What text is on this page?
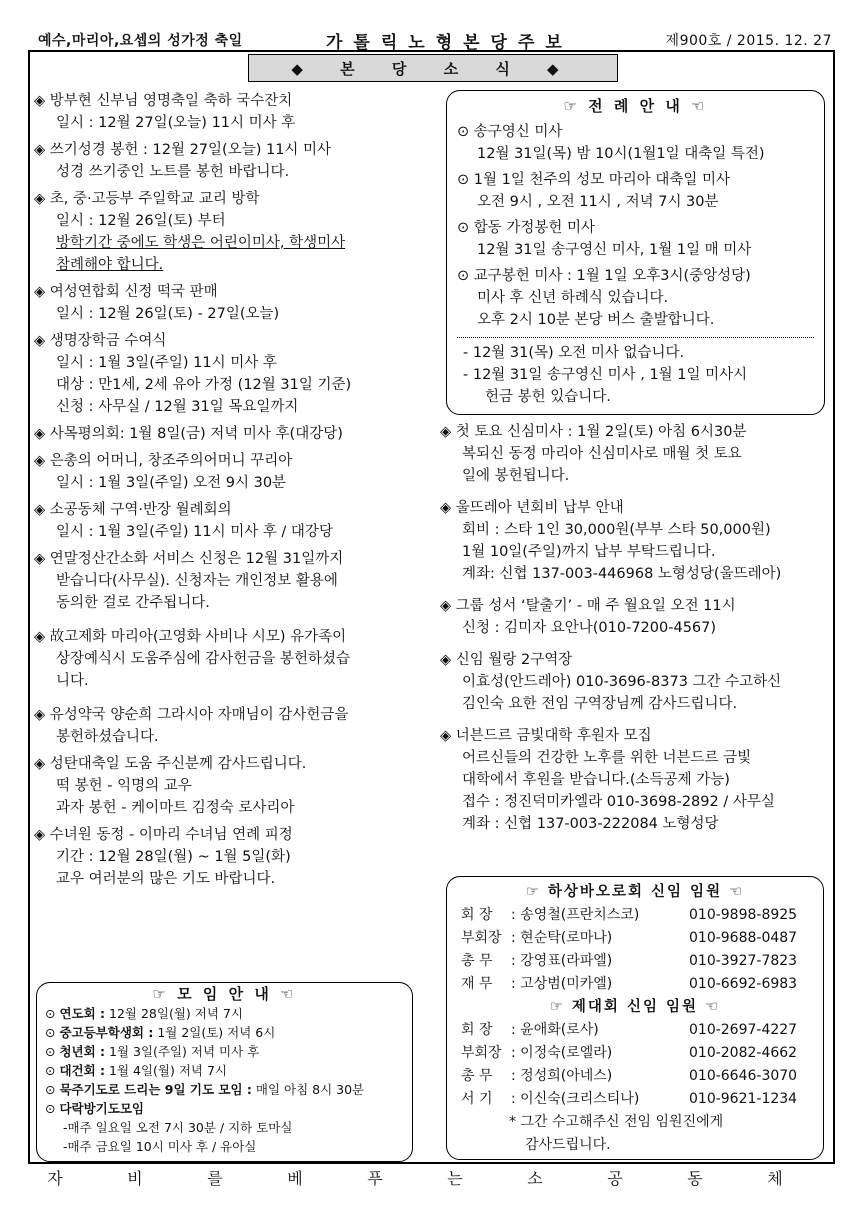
예수,마리아,요셉의 성가정 축일	가톨릭노형본당주보	제900호 / 2015. 12. 27
◆ 본 당 소 식 ◆
◈ 방부현 신부님 영명축일 축하 국수잔치
일시 : 12월 27일(오늘) 11시 미사 후
◈ 쓰기성경 봉헌 : 12월 27일(오늘) 11시 미사
성경 쓰기중인 노트를 봉헌 바랍니다.
◈ 초, 중·고등부 주일학교 교리 방학
일시 : 12월 26일(토) 부터
방학기간 중에도 학생은 어린이미사, 학생미사
참례해야 합니다.
◈ 여성연합회 신정 떡국 판매
일시 : 12월 26일(토) - 27일(오늘)
◈ 생명장학금 수여식
일시 : 1월 3일(주일) 11시 미사 후
대상 : 만1세, 2세 유아 가정 (12월 31일 기준)
신청 : 사무실 / 12월 31일 목요일까지
◈ 사목평의회: 1월 8일(금) 저녁 미사 후(대강당)
◈ 은총의 어머니, 창조주의어머니 꾸리아
일시 : 1월 3일(주일) 오전 9시 30분
◈ 소공동체 구역·반장 월례회의
일시 : 1월 3일(주일) 11시 미사 후 / 대강당
◈ 연말정산간소화 서비스 신청은 12월 31일까지
받습니다(사무실). 신청자는 개인정보 활용에
동의한 걸로 간주됩니다.
◈ 故고제화 마리아(고영화 사비나 시모) 유가족이
상장예식시 도움주심에 감사헌금을 봉헌하셨습
니다.
◈ 유성약국 양순희 그라시아 자매님이 감사헌금을
봉헌하셨습니다.
◈ 성탄대축일 도움 주신분께 감사드립니다.
떡 봉헌 - 익명의 교우
과자 봉헌 - 케이마트 김정숙 로사리아
◈ 수녀원 동정 - 이마리 수녀님 연례 피정
기간 : 12월 28일(월) ~ 1월 5일(화)
교우 여러분의 많은 기도 바랍니다.
☞ 전 례 안 내 ☜
⊙ 송구영신 미사
12월 31일(목) 밤 10시(1월1일 대축일 특전)
⊙ 1월 1일 천주의 성모 마리아 대축일 미사
오전 9시 , 오전 11시 , 저녁 7시 30분
⊙ 합동 가정봉헌 미사
12월 31일 송구영신 미사, 1월 1일 매 미사
⊙ 교구봉헌 미사 : 1월 1일 오후3시(중앙성당)
미사 후 신년 하례식 있습니다.
오후 2시 10분 본당 버스 출발합니다.
- 12월 31(목) 오전 미사 없습니다.
- 12월 31일 송구영신 미사 , 1월 1일 미사시
헌금 봉헌 있습니다.
◈ 첫 토요 신심미사 : 1월 2일(토) 아침 6시30분
복되신 동정 마리아 신심미사로 매월 첫 토요
일에 봉헌됩니다.
◈ 울뜨레아 년회비 납부 안내
회비 : 스타 1인 30,000원(부부 스타 50,000원)
1월 10일(주일)까지 납부 부탁드립니다.
계좌: 신협 137-003-446968 노형성당(울뜨레아)
◈ 그룹 성서 ‘탈출기’ - 매 주 월요일 오전 11시
신청 : 김미자 요안나(010-7200-4567)
◈ 신임 월랑 2구역장
이효성(안드레아) 010-3696-8373 그간 수고하신
김인숙 요한 전임 구역장님께 감사드립니다.
◈ 너븐드르 금빛대학 후원자 모집
어르신들의 건강한 노후를 위한 너븐드르 금빛
대학에서 후원을 받습니다.(소득공제 가능)
접수 : 정진덕미카엘라 010-3698-2892 / 사무실
계좌 : 신협 137-003-222084 노형성당
☞ 모 임 안 내 ☜
⊙ 연도회 : 12월 28일(월) 저녁 7시
⊙ 중고등부학생회 : 1월 2일(토) 저녁 6시
⊙ 청년회 : 1월 3일(주일) 저녁 미사 후
⊙ 대건회 : 1월 4일(월) 저녁 7시
⊙ 묵주기도로 드리는 9일 기도 모임 : 매일 아침 8시 30분
⊙ 다락방기도모임
-매주 일요일 오전 7시 30분 / 지하 토마실
-매주 금요일 10시 미사 후 / 유아실
☞ 하상바오로회 신임 임원 ☜
회 장	: 송영철(프란치스코)	010-9898-8925
부회장 : 현순탁(로마나)	010-9688-0487
총 무	: 강영표(라파엘)	010-3927-7823
재 무	: 고상범(미카엘)	010-6692-6983
☞ 제대회 신임 임원 ☜
회 장	: 윤애화(로사)	010-2697-4227
부회장 : 이정숙(로엘라)	010-2082-4662
총 무	: 정성희(아네스)	010-6646-3070
서 기	: 이신숙(크리스티나)	010-9621-1234
* 그간 수고해주신 전임 임원진에게
감사드립니다.
자 비 를 베 푸 는 소 공 동 체
